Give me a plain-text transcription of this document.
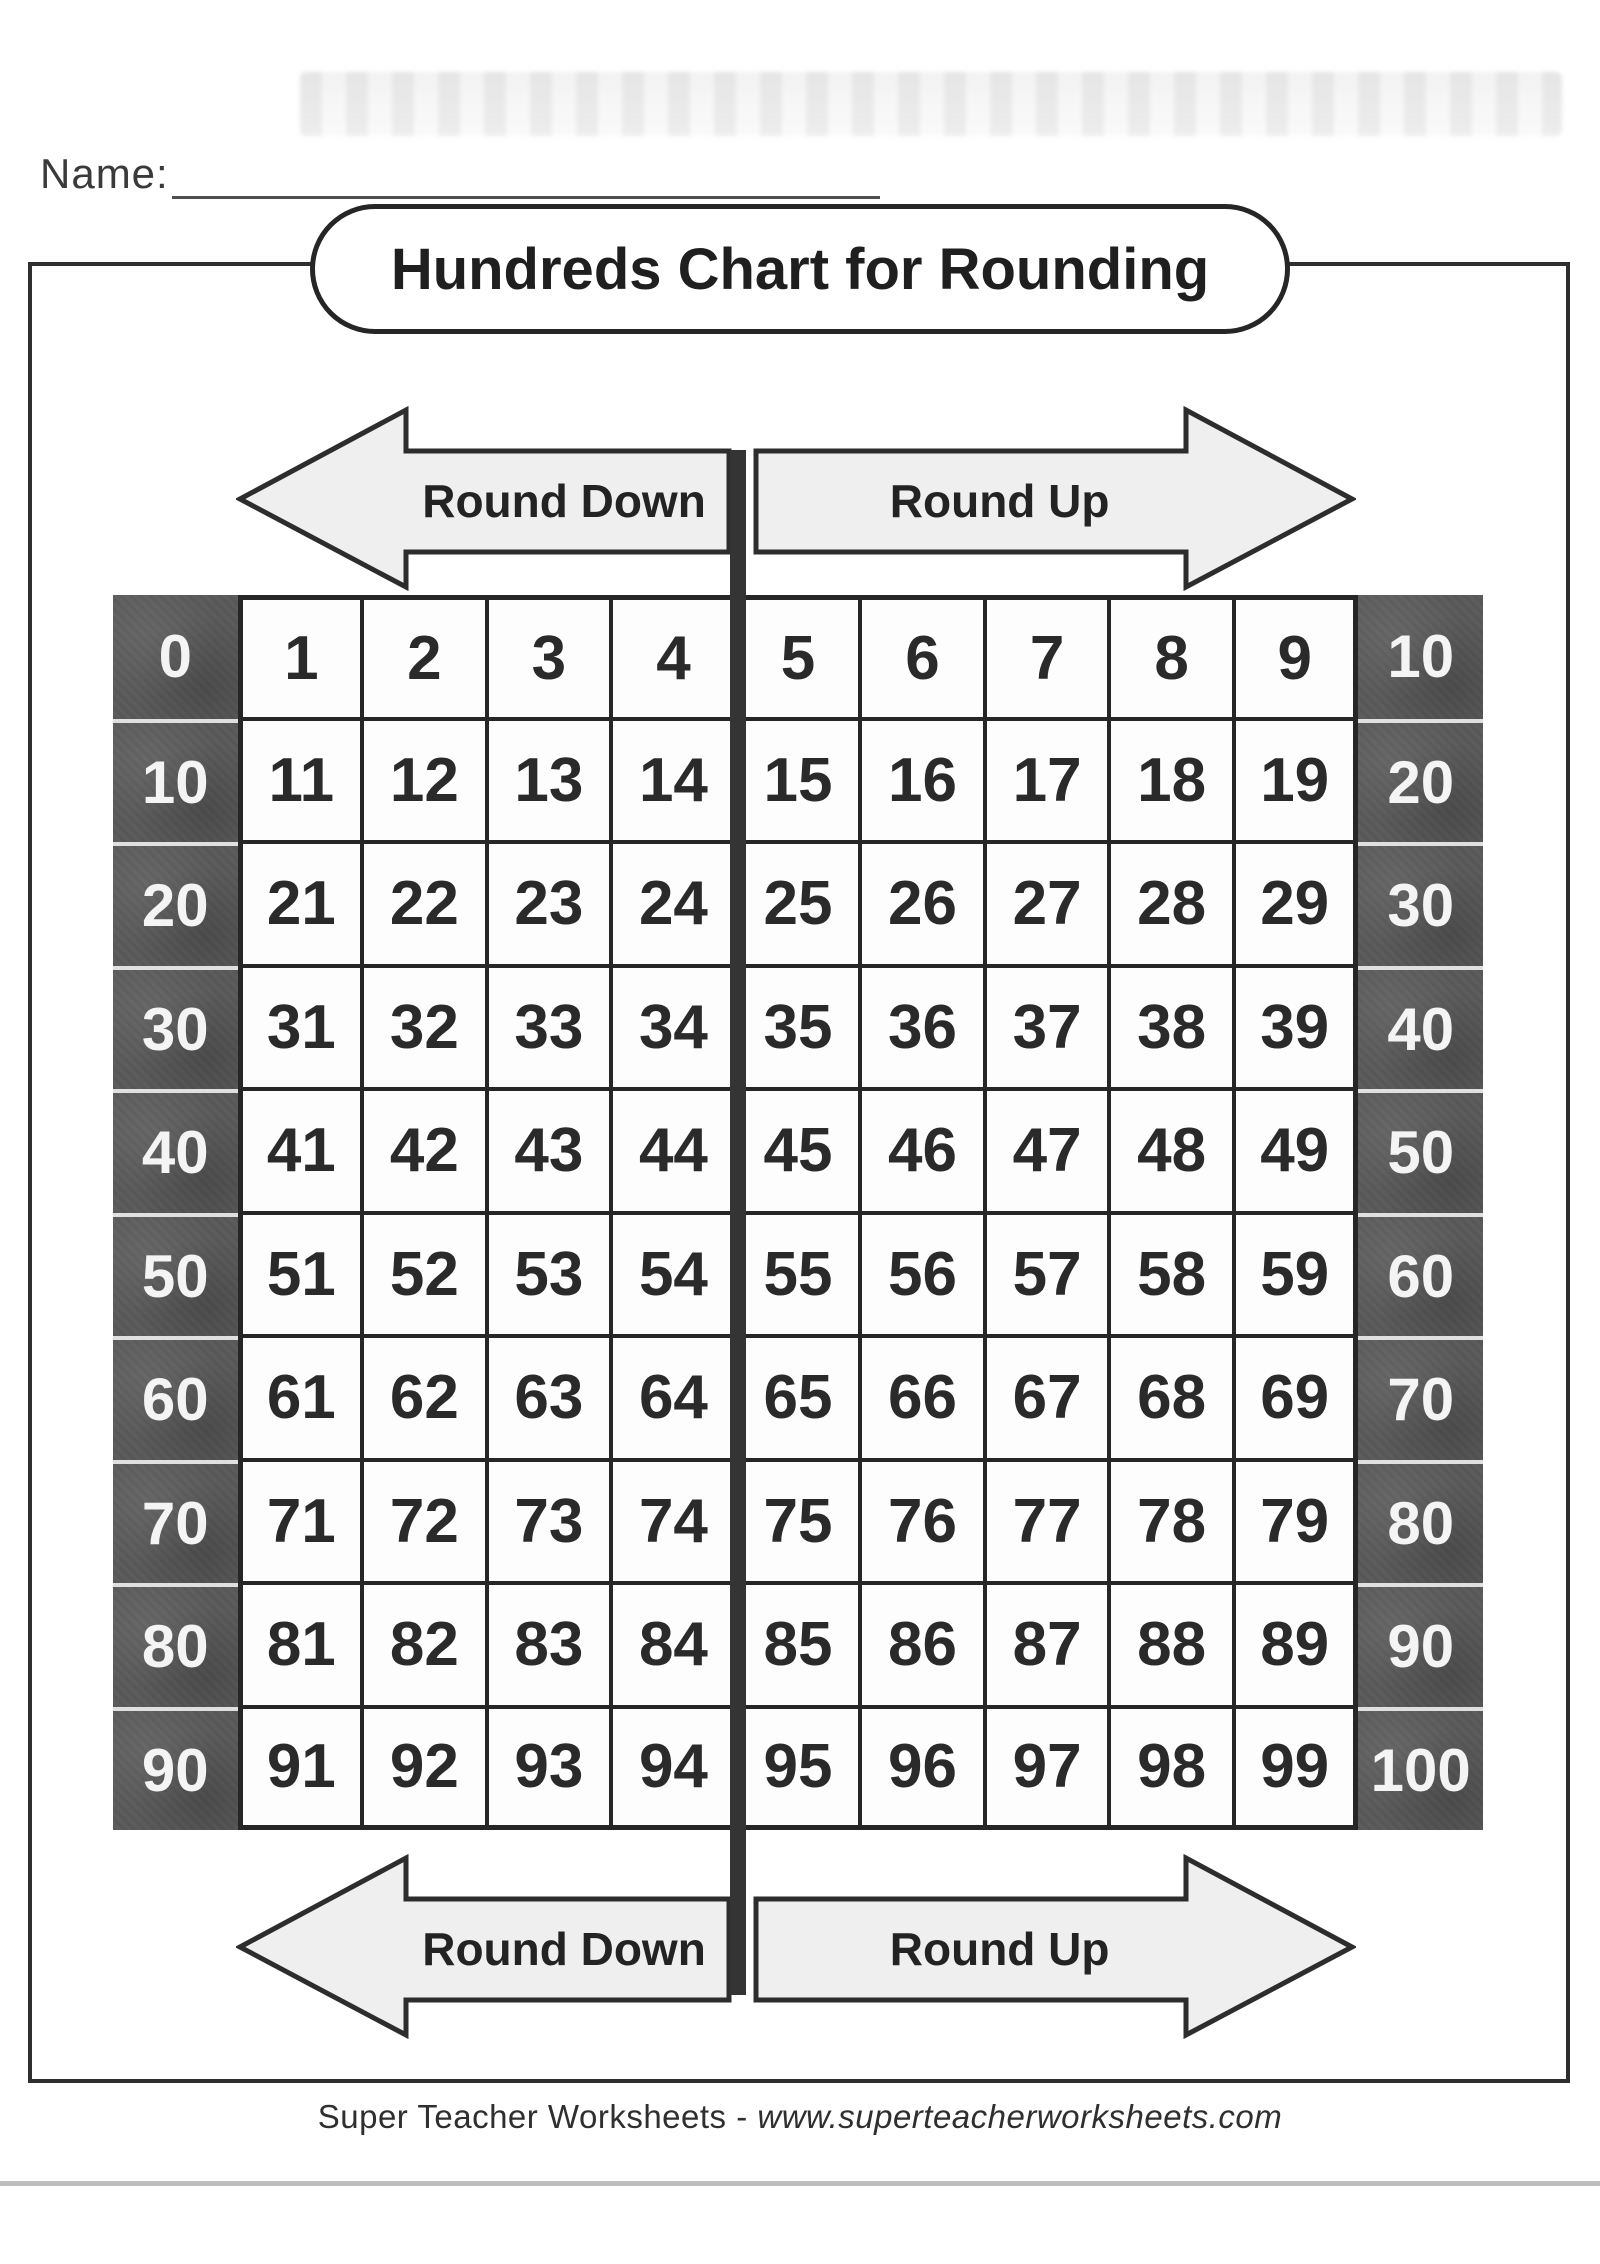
Name:
Hundreds Chart for Rounding
Round Down	Round Up
0	1	2	3	4	5	6	7	8	9	10
10 11 12 13 14 15 16 17 18 19 20
20 21 22 23 24 25 26 27 28 29 30
30 31 32 33 34 35 36 37 38 39 40
40 41 42 43 44 45 46 47 48 49 50
50 51 52 53 54 55 56 57 58 59 60
60 61 62 63 64 65 66 67 68 69 70
70 71 72 73 74 75 76 77 78 79 80
80 81 82 83 84 85 86 87 88 89 90
90 91 92 93 94 95 96 97 98 99 100
Round Down	Round Up
Super Teacher Worksheets - www.superteacherworksheets.com
